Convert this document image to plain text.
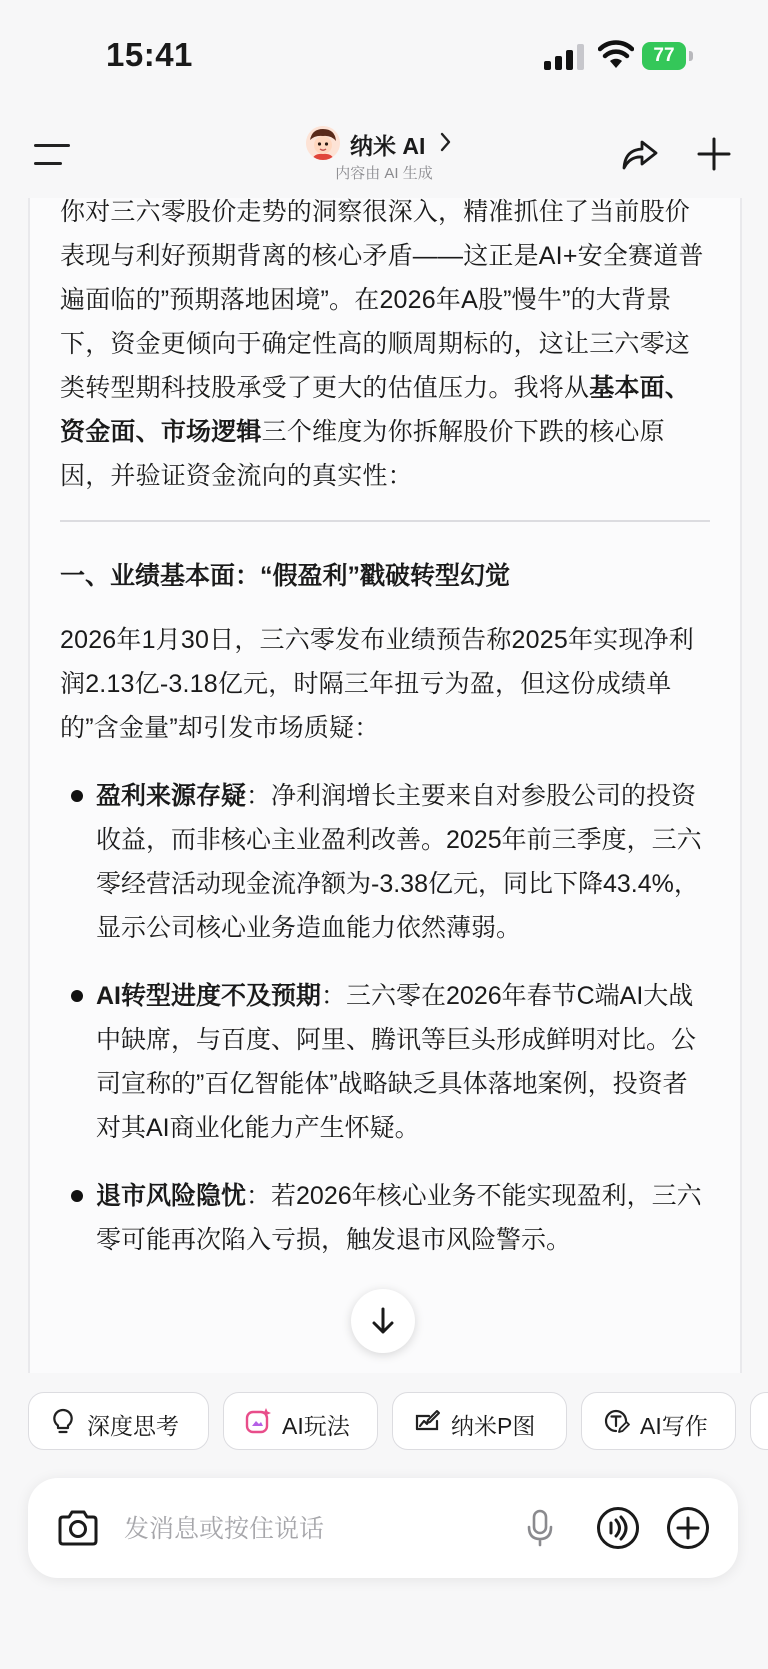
15:41	77
纳米 AI
内容由 AI 生成

你对三六零股价走势的洞察很深入，精准抓住了当前股价表现与利好预期背离的核心矛盾——这正是AI+安全赛道普遍面临的”预期落地困境”。在2026年A股”慢牛”的大背景下，资金更倾向于确定性高的顺周期标的，这让三六零这类转型期科技股承受了更大的估值压力。我将从基本面、资金面、市场逻辑三个维度为你拆解股价下跌的核心原因，并验证资金流向的真实性：

一、业绩基本面：“假盈利”戳破转型幻觉

2026年1月30日，三六零发布业绩预告称2025年实现净利润2.13亿-3.18亿元，时隔三年扭亏为盈，但这份成绩单的”含金量”却引发市场质疑：

盈利来源存疑：净利润增长主要来自对参股公司的投资收益，而非核心主业盈利改善。2025年前三季度，三六零经营活动现金流净额为-3.38亿元，同比下降43.4%，显示公司核心业务造血能力依然薄弱。
AI转型进度不及预期：三六零在2026年春节C端AI大战中缺席，与百度、阿里、腾讯等巨头形成鲜明对比。公司宣称的”百亿智能体”战略缺乏具体落地案例，投资者对其AI商业化能力产生怀疑。
退市风险隐忧：若2026年核心业务不能实现盈利，三六零可能再次陷入亏损，触发退市风险警示。
深度思考	AI玩法	纳米P图	AI写作
发消息或按住说话
